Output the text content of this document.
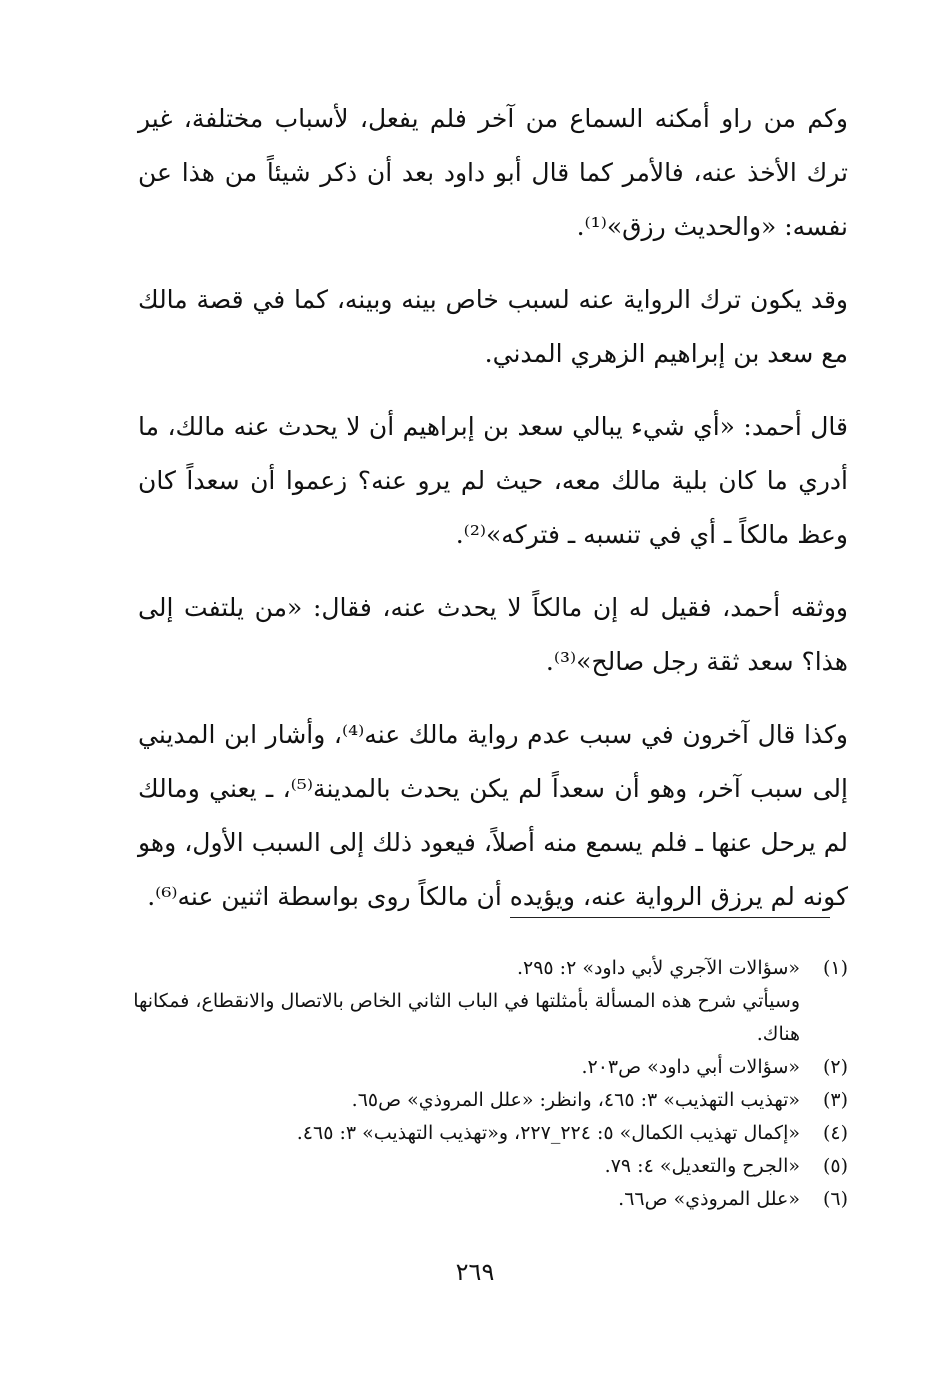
وكم من راو أمكنه السماع من آخر فلم يفعل، لأسباب مختلفة، غير ترك الأخذ عنه، فالأمر كما قال أبو داود بعد أن ذكر شيئاً من هذا عن نفسه: «والحديث رزق»⁽¹⁾.

وقد يكون ترك الرواية عنه لسبب خاص بينه وبينه، كما في قصة مالك مع سعد بن إبراهيم الزهري المدني.

قال أحمد: «أي شيء يبالي سعد بن إبراهيم أن لا يحدث عنه مالك، ما أدري ما كان بلية مالك معه، حيث لم يرو عنه؟ زعموا أن سعداً كان وعظ مالكاً ـ أي في تنسبه ـ فتركه»⁽²⁾.

ووثقه أحمد، فقيل له إن مالكاً لا يحدث عنه، فقال: «من يلتفت إلى هذا؟ سعد ثقة رجل صالح»⁽³⁾.

وكذا قال آخرون في سبب عدم رواية مالك عنه⁽⁴⁾، وأشار ابن المديني إلى سبب آخر، وهو أن سعداً لم يكن يحدث بالمدينة⁽⁵⁾، ـ يعني ومالك لم يرحل عنها ـ فلم يسمع منه أصلاً، فيعود ذلك إلى السبب الأول، وهو كونه لم يرزق الرواية عنه، ويؤيده أن مالكاً روى بواسطة اثنين عنه⁽⁶⁾.

(١)
«سؤالات الآجري لأبي داود» ٢: ٢٩٥.
وسيأتي شرح هذه المسألة بأمثلتها في الباب الثاني الخاص بالاتصال والانقطاع، فمكانها هناك.
(٢)
«سؤالات أبي داود» ص٢٠٣.
(٣)
«تهذيب التهذيب» ٣: ٤٦٥، وانظر: «علل المروذي» ص٦٥.
(٤)
«إكمال تهذيب الكمال» ٥: ٢٢٤_٢٢٧، و«تهذيب التهذيب» ٣: ٤٦٥.
(٥)
«الجرح والتعديل» ٤: ٧٩.
(٦)
«علل المروذي» ص٦٦.
٢٦٩
